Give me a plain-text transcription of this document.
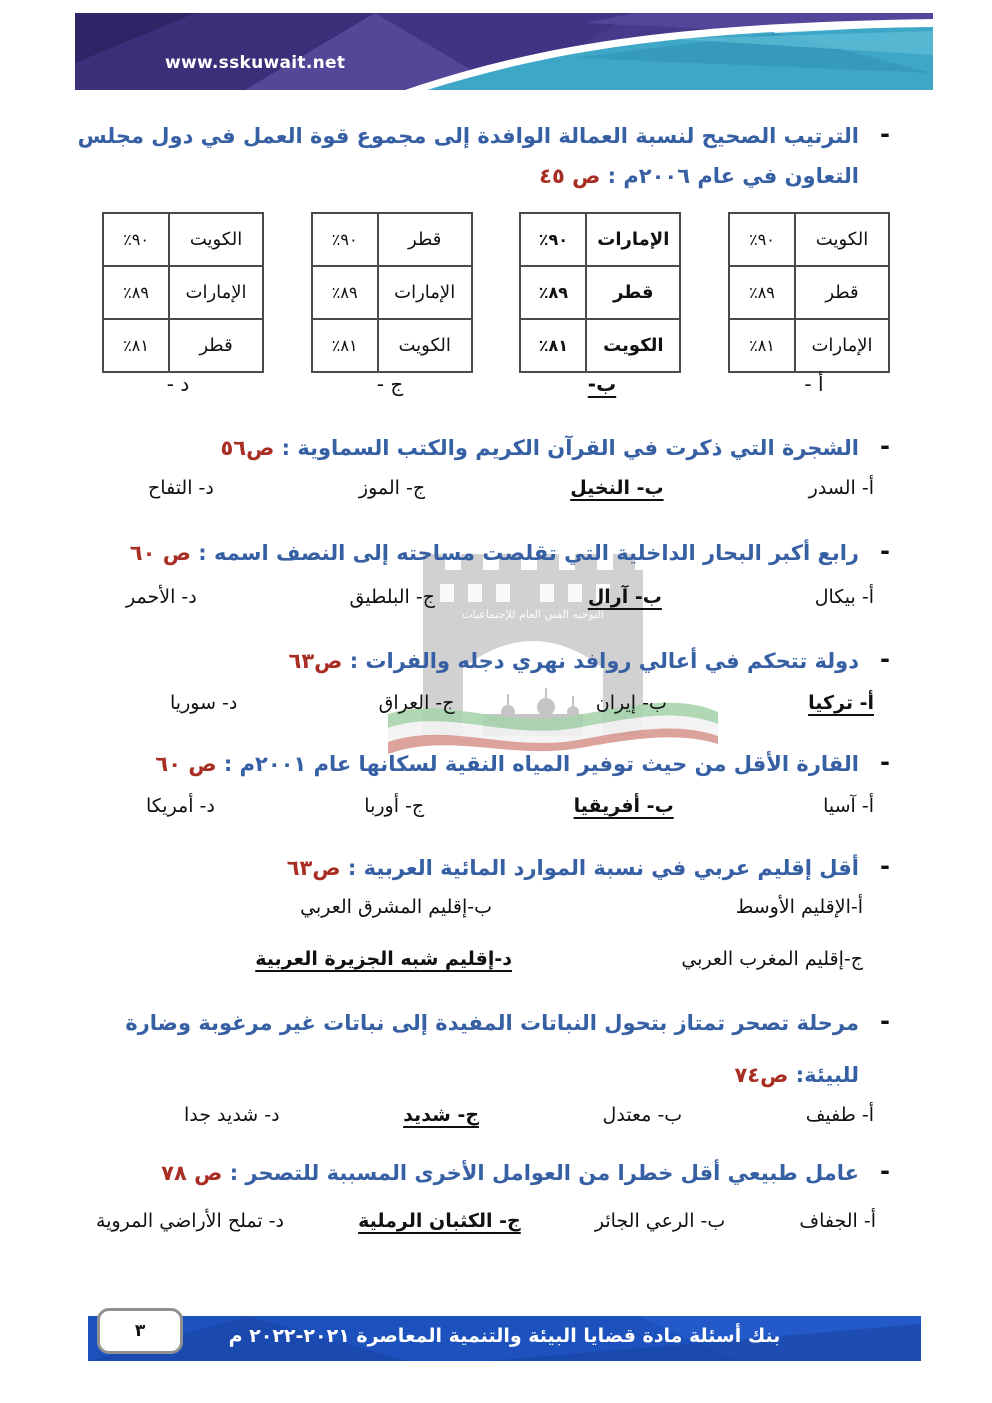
www.sskuwait.net
التوجيه الفني العام للإجتماعيات
-
الترتيب الصحيح لنسبة العمالة الوافدة إلى مجموع قوة العمل في دول مجلس
التعاون في عام ٢٠٠٦م : ص ٤٥
الكويت	٩٠٪
قطر	٨٩٪
الإمارات	٨١٪
الإمارات	٩٠٪
قطر	٨٩٪
الكويت	٨١٪
قطر	٩٠٪
الإمارات	٨٩٪
الكويت	٨١٪
الكويت	٩٠٪
الإمارات	٨٩٪
قطر	٨١٪
أ -
ب-
ج -
د -
-
الشجرة التي ذكرت في القرآن الكريم والكتب السماوية : ص٥٦
أ- السدر
ب- النخيل
ج- الموز
د- التفاح
-
رابع أكبر البحار الداخلية التي تقلصت مساحته إلى النصف اسمه : ص ٦٠
أ- بيكال
ب- آرال
ج- البلطيق
د- الأحمر
-
دولة تتحكم في أعالي روافد نهري دجله والفرات : ص٦٣
أ- تركيا
ب- إيران
ج- العراق
د- سوريا
-
القارة الأقل من حيث توفير المياه النقية لسكانها عام ٢٠٠١م : ص ٦٠
أ- آسيا
ب- أفريقيا
ج- أوربا
د- أمريكا
-
أقل إقليم عربي في نسبة الموارد المائية العربية : ص٦٣
أ-الإقليم الأوسط
ب-إقليم المشرق العربي
ج-إقليم المغرب العربي
د-إقليم شبه الجزيرة العربية
-
مرحلة تصحر تمتاز بتحول النباتات المفيدة إلى نباتات غير مرغوبة وضارة
للبيئة: ص٧٤
أ- طفيف
ب- معتدل
ج- شديد
د- شديد جدا
-
عامل طبيعي أقل خطرا من العوامل الأخرى المسببة للتصحر : ص ٧٨
أ- الجفاف
ب- الرعي الجائر
ج- الكثبان الرملية
د- تملح الأراضي المروية
بنك أسئلة مادة قضايا البيئة والتنمية المعاصرة ٢٠٢١-٢٠٢٢ م
٣
